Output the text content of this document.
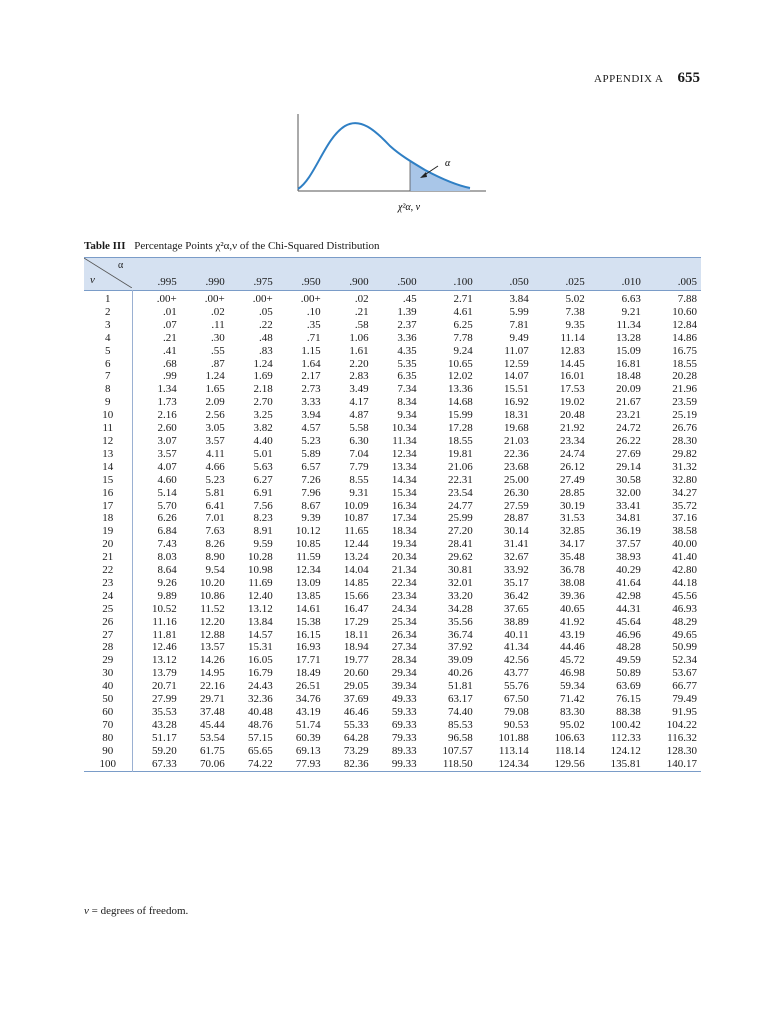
APPENDIX A 655
α
χ²α, ν
Table III Percentage Points χ²α,ν of the Chi-Squared Distribution
α
ν	.995	.990	.975	.950	.900	.500	.100	.050	.025	.010	.005
1	.00+	.00+	.00+	.00+	.02	.45	2.71	3.84	5.02	6.63	7.88
2	.01	.02	.05	.10	.21	1.39	4.61	5.99	7.38	9.21	10.60
3	.07	.11	.22	.35	.58	2.37	6.25	7.81	9.35	11.34	12.84
4	.21	.30	.48	.71	1.06	3.36	7.78	9.49	11.14	13.28	14.86
5	.41	.55	.83	1.15	1.61	4.35	9.24	11.07	12.83	15.09	16.75
6	.68	.87	1.24	1.64	2.20	5.35	10.65	12.59	14.45	16.81	18.55
7	.99	1.24	1.69	2.17	2.83	6.35	12.02	14.07	16.01	18.48	20.28
8	1.34	1.65	2.18	2.73	3.49	7.34	13.36	15.51	17.53	20.09	21.96
9	1.73	2.09	2.70	3.33	4.17	8.34	14.68	16.92	19.02	21.67	23.59
10	2.16	2.56	3.25	3.94	4.87	9.34	15.99	18.31	20.48	23.21	25.19
11	2.60	3.05	3.82	4.57	5.58	10.34	17.28	19.68	21.92	24.72	26.76
12	3.07	3.57	4.40	5.23	6.30	11.34	18.55	21.03	23.34	26.22	28.30
13	3.57	4.11	5.01	5.89	7.04	12.34	19.81	22.36	24.74	27.69	29.82
14	4.07	4.66	5.63	6.57	7.79	13.34	21.06	23.68	26.12	29.14	31.32
15	4.60	5.23	6.27	7.26	8.55	14.34	22.31	25.00	27.49	30.58	32.80
16	5.14	5.81	6.91	7.96	9.31	15.34	23.54	26.30	28.85	32.00	34.27
17	5.70	6.41	7.56	8.67	10.09	16.34	24.77	27.59	30.19	33.41	35.72
18	6.26	7.01	8.23	9.39	10.87	17.34	25.99	28.87	31.53	34.81	37.16
19	6.84	7.63	8.91	10.12	11.65	18.34	27.20	30.14	32.85	36.19	38.58
20	7.43	8.26	9.59	10.85	12.44	19.34	28.41	31.41	34.17	37.57	40.00
21	8.03	8.90	10.28	11.59	13.24	20.34	29.62	32.67	35.48	38.93	41.40
22	8.64	9.54	10.98	12.34	14.04	21.34	30.81	33.92	36.78	40.29	42.80
23	9.26	10.20	11.69	13.09	14.85	22.34	32.01	35.17	38.08	41.64	44.18
24	9.89	10.86	12.40	13.85	15.66	23.34	33.20	36.42	39.36	42.98	45.56
25	10.52	11.52	13.12	14.61	16.47	24.34	34.28	37.65	40.65	44.31	46.93
26	11.16	12.20	13.84	15.38	17.29	25.34	35.56	38.89	41.92	45.64	48.29
27	11.81	12.88	14.57	16.15	18.11	26.34	36.74	40.11	43.19	46.96	49.65
28	12.46	13.57	15.31	16.93	18.94	27.34	37.92	41.34	44.46	48.28	50.99
29	13.12	14.26	16.05	17.71	19.77	28.34	39.09	42.56	45.72	49.59	52.34
30	13.79	14.95	16.79	18.49	20.60	29.34	40.26	43.77	46.98	50.89	53.67
40	20.71	22.16	24.43	26.51	29.05	39.34	51.81	55.76	59.34	63.69	66.77
50	27.99	29.71	32.36	34.76	37.69	49.33	63.17	67.50	71.42	76.15	79.49
60	35.53	37.48	40.48	43.19	46.46	59.33	74.40	79.08	83.30	88.38	91.95
70	43.28	45.44	48.76	51.74	55.33	69.33	85.53	90.53	95.02	100.42	104.22
80	51.17	53.54	57.15	60.39	64.28	79.33	96.58	101.88	106.63	112.33	116.32
90	59.20	61.75	65.65	69.13	73.29	89.33	107.57	113.14	118.14	124.12	128.30
100	67.33	70.06	74.22	77.93	82.36	99.33	118.50	124.34	129.56	135.81	140.17
ν = degrees of freedom.
